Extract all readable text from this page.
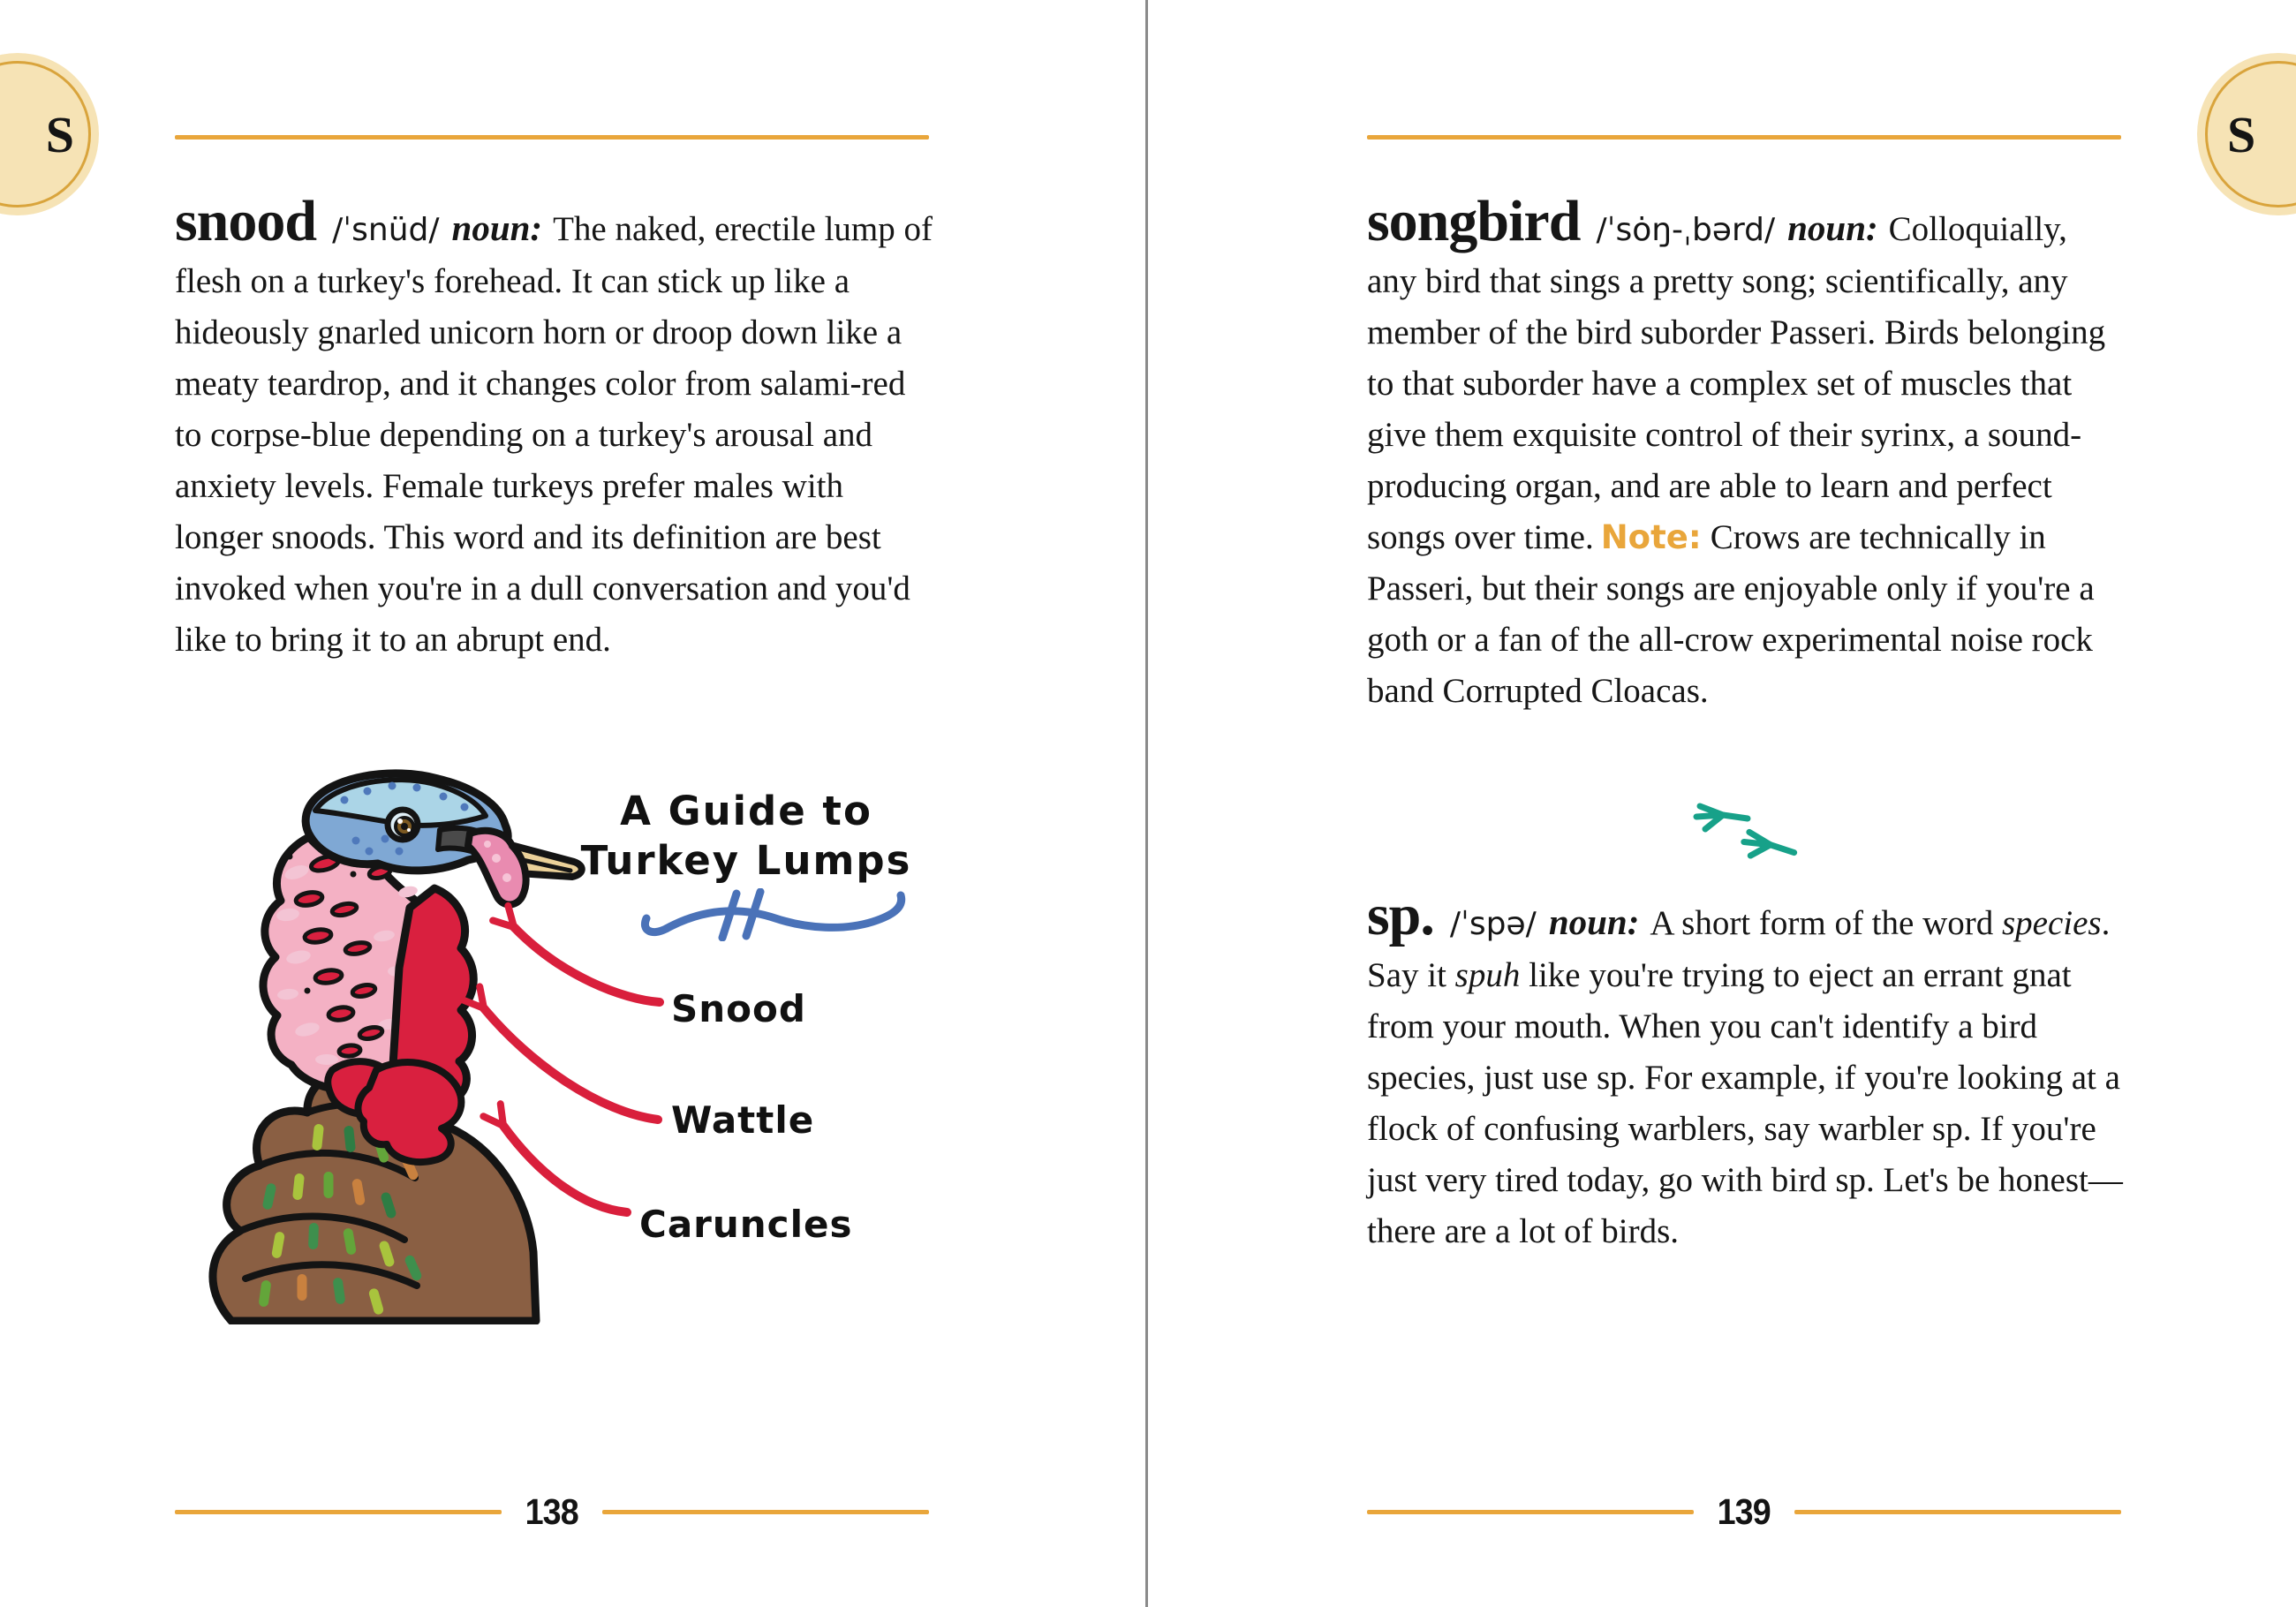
S

snood /ˈsnüd/ noun: The naked, erectile lump of flesh on a turkey's forehead. It can stick up like a hideously gnarled unicorn horn or droop down like a meaty teardrop, and it changes color from salami-red to corpse-blue depending on a turkey's arousal and anxiety levels. Female turkeys prefer males with longer snoods. This word and its definition are best invoked when you're in a dull conversation and you'd like to bring it to an abrupt end.

A Guide to
Turkey Lumps
Snood
Wattle
Caruncles
138
S

songbird /ˈsȯŋ-ˌbərd/ noun: Colloquially, any bird that sings a pretty song; scientifically, any member of the bird suborder Passeri. Birds belonging to that suborder have a complex set of muscles that give them exquisite control of their syrinx, a sound-producing organ, and are able to learn and perfect songs over time. Note: Crows are technically in Passeri, but their songs are enjoyable only if you're a goth or a fan of the all-crow experimental noise rock band Corrupted Cloacas.

sp. /ˈspə/ noun: A short form of the word species. Say it spuh like you're trying to eject an errant gnat from your mouth. When you can't identify a bird species, just use sp. For example, if you're looking at a flock of confusing warblers, say warbler sp. If you're just very tired today, go with bird sp. Let's be honest—there are a lot of birds.

139
